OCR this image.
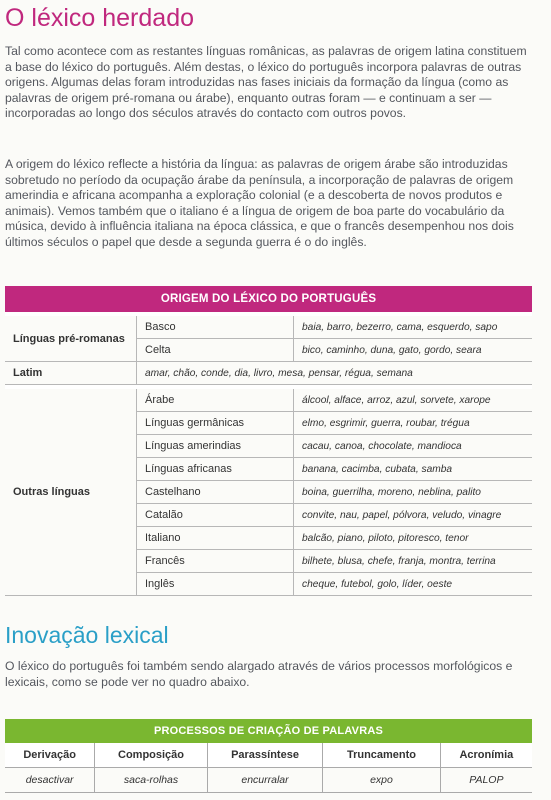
O léxico herdado

Tal como acontece com as restantes línguas românicas, as palavras de origem latina constituem a base do léxico do português. Além destas, o léxico do português incorpora palavras de outras origens. Algumas delas foram introduzidas nas fases iniciais da formação da língua (como as palavras de origem pré-romana ou árabe), enquanto outras foram — e continuam a ser — incorporadas ao longo dos séculos através do contacto com outros povos.

A origem do léxico reflecte a história da língua: as palavras de origem árabe são introduzidas sobretudo no período da ocupação árabe da península, a incorporação de palavras de origem amerindia e africana acompanha a exploração colonial (e a descoberta de novos produtos e animais). Vemos também que o italiano é a língua de origem de boa parte do vocabulário da música, devido à influência italiana na época clássica, e que o francês desempenhou nos dois últimos séculos o papel que desde a segunda guerra é o do inglês.

ORIGEM DO LÉXICO DO PORTUGUÊS		

Línguas pré-romanas	Basco	baia, barro, bezerro, cama, esquerdo, sapo
	Celta	bico, caminho, duna, gato, gordo, seara
Latim	amar, chão, conde, dia, livro, mesa, pensar, régua, semana	

Outras línguas	Árabe	álcool, alface, arroz, azul, sorvete, xarope
	Línguas germânicas	elmo, esgrimir, guerra, roubar, trégua
	Línguas amerindias	cacau, canoa, chocolate, mandioca
	Línguas africanas	banana, cacimba, cubata, samba
	Castelhano	boina, guerrilha, moreno, neblina, palito
	Catalão	convite, nau, papel, pólvora, veludo, vinagre
	Italiano	balcão, piano, piloto, pitoresco, tenor
	Francês	bilhete, blusa, chefe, franja, montra, terrina
	Inglês	cheque, futebol, golo, líder, oeste
Inovação lexical

O léxico do português foi também sendo alargado através de vários processos morfológicos e lexicais, como se pode ver no quadro abaixo.

PROCESSOS DE CRIAÇÃO DE PALAVRAS				
Derivação	Composição	Parassíntese	Truncamento	Acronímia
desactivar	saca-rolhas	encurralar	expo	PALOP
